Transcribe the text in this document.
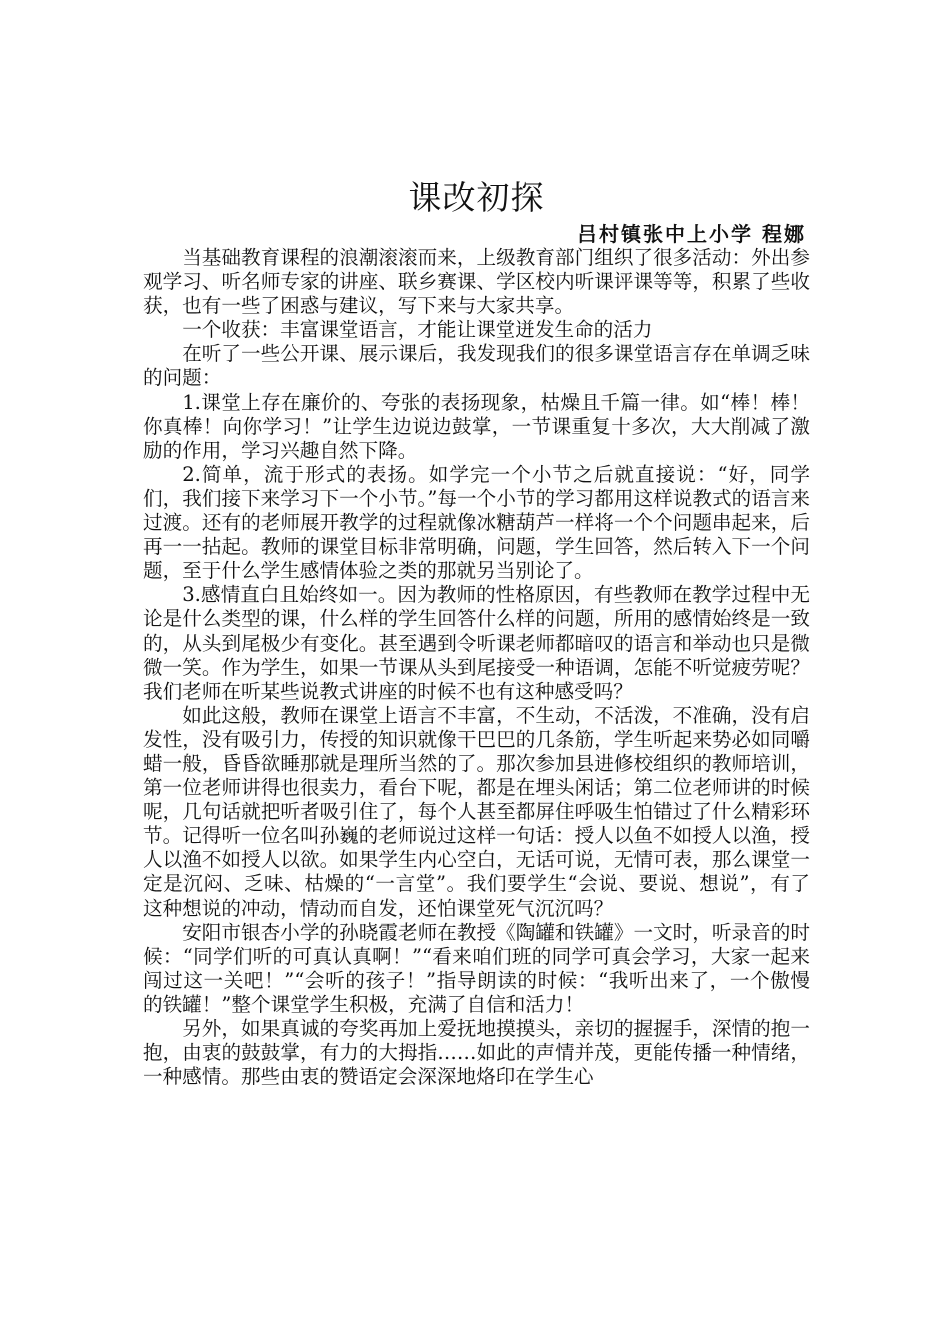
课改初探
吕村镇张中上小学 程娜

当基础教育课程的浪潮滚滚而来，上级教育部门组织了很多活动：外出参观学习、听名师专家的讲座、联乡赛课、学区校内听课评课等等，积累了些收获，也有一些了困惑与建议，写下来与大家共享。

一个收获：丰富课堂语言，才能让课堂迸发生命的活力

在听了一些公开课、展示课后，我发现我们的很多课堂语言存在单调乏味的问题：

1.课堂上存在廉价的、夸张的表扬现象，枯燥且千篇一律。如“棒！棒！你真棒！向你学习！”让学生边说边鼓掌，一节课重复十多次，大大削减了激励的作用，学习兴趣自然下降。

2.简单，流于形式的表扬。如学完一个小节之后就直接说：“好，同学们，我们接下来学习下一个小节。”每一个小节的学习都用这样说教式的语言来过渡。还有的老师展开教学的过程就像冰糖葫芦一样将一个个问题串起来，后再一一拈起。教师的课堂目标非常明确，问题，学生回答，然后转入下一个问题，至于什么学生感情体验之类的那就另当别论了。

3.感情直白且始终如一。因为教师的性格原因，有些教师在教学过程中无论是什么类型的课，什么样的学生回答什么样的问题，所用的感情始终是一致的，从头到尾极少有变化。甚至遇到令听课老师都暗叹的语言和举动也只是微微一笑。作为学生，如果一节课从头到尾接受一种语调，怎能不听觉疲劳呢？我们老师在听某些说教式讲座的时候不也有这种感受吗？

如此这般，教师在课堂上语言不丰富，不生动，不活泼，不准确，没有启发性，没有吸引力，传授的知识就像干巴巴的几条筋，学生听起来势必如同嚼蜡一般，昏昏欲睡那就是理所当然的了。那次参加县进修校组织的教师培训，第一位老师讲得也很卖力，看台下呢，都是在埋头闲话；第二位老师讲的时候呢，几句话就把听者吸引住了，每个人甚至都屏住呼吸生怕错过了什么精彩环节。记得听一位名叫孙巍的老师说过这样一句话：授人以鱼不如授人以渔，授人以渔不如授人以欲。如果学生内心空白，无话可说，无情可表，那么课堂一定是沉闷、乏味、枯燥的“一言堂”。我们要学生“会说、要说、想说”，有了这种想说的冲动，情动而自发，还怕课堂死气沉沉吗？

安阳市银杏小学的孙晓霞老师在教授《陶罐和铁罐》一文时，听录音的时候：“同学们听的可真认真啊！”“看来咱们班的同学可真会学习，大家一起来闯过这一关吧！”“会听的孩子！”指导朗读的时候：“我听出来了，一个傲慢的铁罐！”整个课堂学生积极，充满了自信和活力！

另外，如果真诚的夸奖再加上爱抚地摸摸头，亲切的握握手，深情的抱一抱，由衷的鼓鼓掌，有力的大拇指……如此的声情并茂，更能传播一种情绪，一种感情。那些由衷的赞语定会深深地烙印在学生心
